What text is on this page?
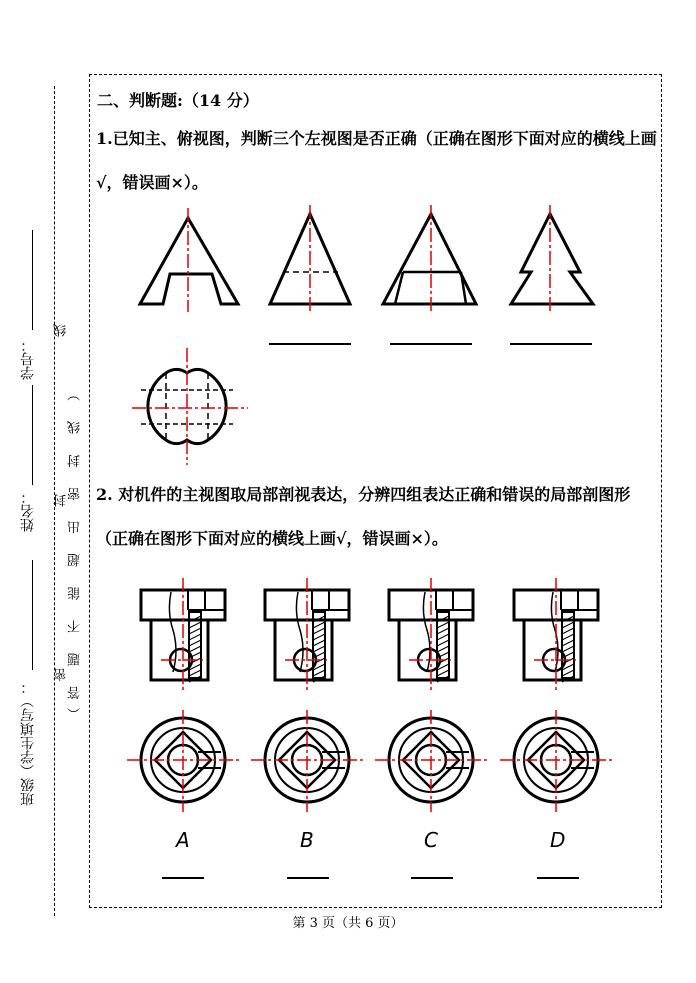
班级（学生填写）：
姓名：
学号：
线
（答 题 不 能 超 出 密 封 线 ）
封
密
二、判断题:（14 分）
1.已知主、俯视图，判断三个左视图是否正确（正确在图形下面对应的横线上画√，错误画×）。
2. 对机件的主视图取局部剖视表达，分辨四组表达正确和错误的局部剖图形（正确在图形下面对应的横线上画√，错误画×）。
A	B	C	D
第 3 页（共 6 页）
